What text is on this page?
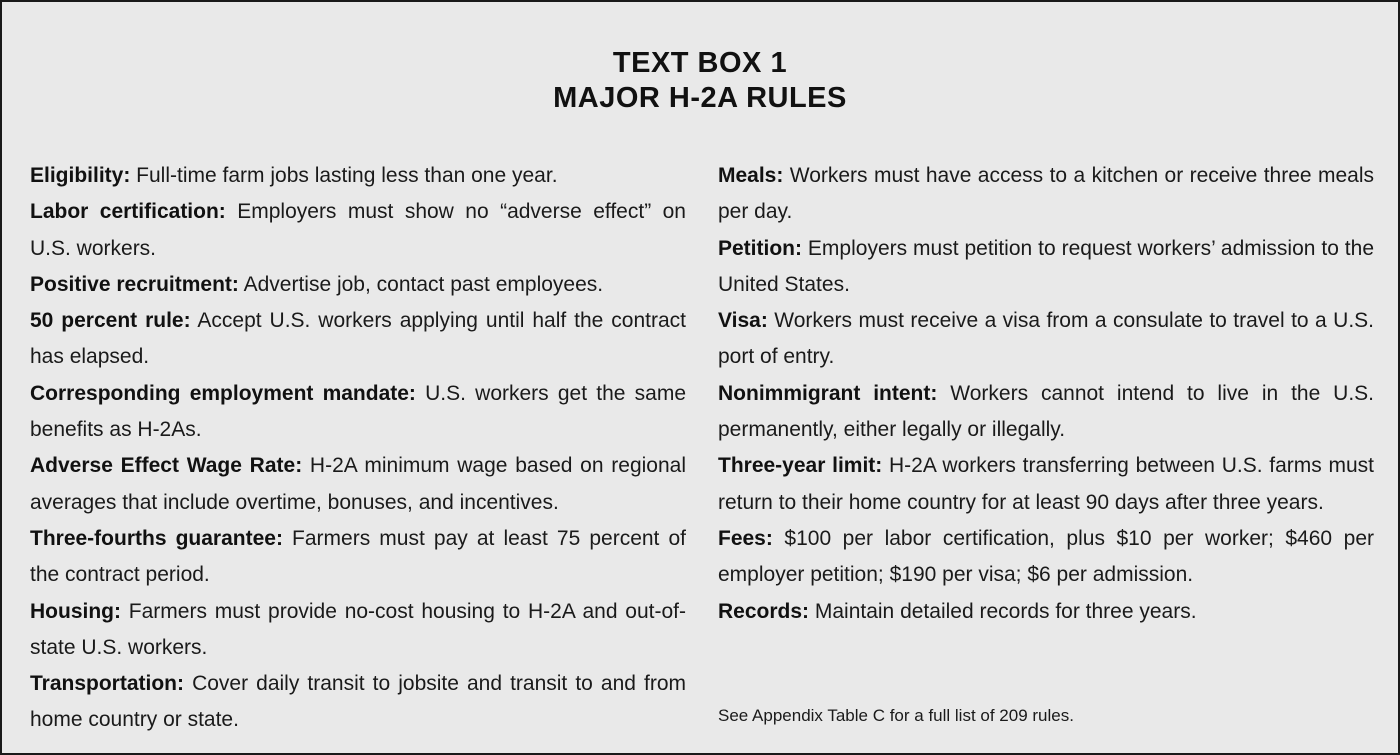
TEXT BOX 1
MAJOR H-2A RULES

Eligibility: Full-time farm jobs lasting less than one year.

Labor certification: Employers must show no “adverse effect” on U.S. workers.

Positive recruitment: Advertise job, contact past employees.

50 percent rule: Accept U.S. workers applying until half the contract has elapsed.

Corresponding employment mandate: U.S. workers get the same benefits as H-2As.

Adverse Effect Wage Rate: H-2A minimum wage based on regional averages that include overtime, bonuses, and incentives.

Three-fourths guarantee: Farmers must pay at least 75 percent of the contract period.

Housing: Farmers must provide no-cost housing to H-2A and out-of-state U.S. workers.

Transportation: Cover daily transit to jobsite and transit to and from home country or state.

Meals: Workers must have access to a kitchen or receive three meals per day.

Petition: Employers must petition to request workers’ admission to the United States.

Visa: Workers must receive a visa from a consulate to travel to a U.S. port of entry.

Nonimmigrant intent: Workers cannot intend to live in the U.S. permanently, either legally or illegally.

Three-year limit: H-2A workers transferring between U.S. farms must return to their home country for at least 90 days after three years.

Fees: $100 per labor certification, plus $10 per worker; $460 per employer petition; $190 per visa; $6 per admission.

Records: Maintain detailed records for three years.

See Appendix Table C for a full list of 209 rules.
